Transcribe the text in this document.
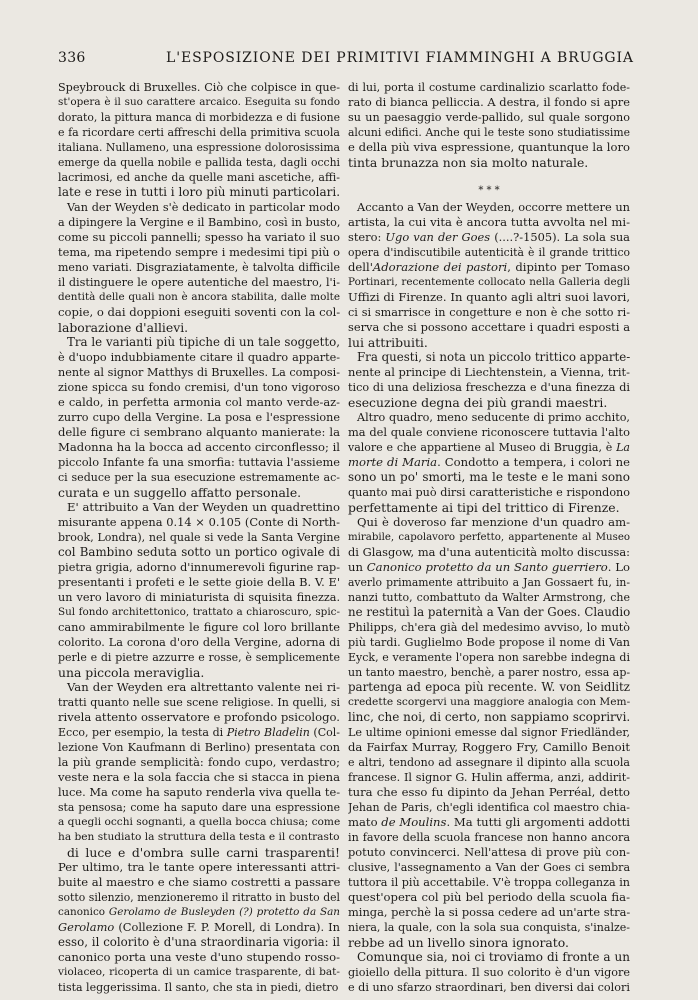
336	L'ESPOSIZIONE DEI PRIMITIVI FIAMMINGHI A BRUGGIA
Speybrouck di Bruxelles. Ciò che colpisce in que-
st'opera è il suo carattere arcaico. Eseguita su fondo
dorato, la pittura manca di morbidezza e di fusione
e fa ricordare certi affreschi della primitiva scuola
italiana. Nullameno, una espressione dolorosissima
emerge da quella nobile e pallida testa, dagli occhi
lacrimosi, ed anche da quelle mani ascetiche, affi-
late e rese in tutti i loro più minuti particolari.
Van der Weyden s'è dedicato in particolar modo
a dipingere la Vergine e il Bambino, così in busto,
come su piccoli pannelli; spesso ha variato il suo
tema, ma ripetendo sempre i medesimi tipi più o
meno variati. Disgraziatamente, è talvolta difficile
il distinguere le opere autentiche del maestro, l'i-
dentità delle quali non è ancora stabilita, dalle molte
copie, o dai doppioni eseguiti soventi con la col-
laborazione d'allievi.
Tra le varianti più tipiche di un tale soggetto,
è d'uopo indubbiamente citare il quadro apparte-
nente al signor Matthys di Bruxelles. La composi-
zione spicca su fondo cremisi, d'un tono vigoroso
e caldo, in perfetta armonia col manto verde-az-
zurro cupo della Vergine. La posa e l'espressione
delle figure ci sembrano alquanto manierate: la
Madonna ha la bocca ad accento circonflesso; il
piccolo Infante fa una smorfia: tuttavia l'assieme
ci seduce per la sua esecuzione estremamente ac-
curata e un suggello affatto personale.
E' attribuito a Van der Weyden un quadrettino
misurante appena 0.14 × 0.105 (Conte di North-
brook, Londra), nel quale si vede la Santa Vergine
col Bambino seduta sotto un portico ogivale di
pietra grigia, adorno d'innumerevoli figurine rap-
presentanti i profeti e le sette gioie della B. V. E'
un vero lavoro di miniaturista di squisita finezza.
Sul fondo architettonico, trattato a chiaroscuro, spic-
cano ammirabilmente le figure col loro brillante
colorito. La corona d'oro della Vergine, adorna di
perle e di pietre azzurre e rosse, è semplicemente
una piccola meraviglia.
Van der Weyden era altrettanto valente nei ri-
tratti quanto nelle sue scene religiose. In quelli, si
rivela attento osservatore e profondo psicologo.
Ecco, per esempio, la testa di Pietro Bladelin (Col-
lezione Von Kaufmann di Berlino) presentata con
la più grande semplicità: fondo cupo, verdastro;
veste nera e la sola faccia che si stacca in piena
luce. Ma come ha saputo renderla viva quella te-
sta pensosa; come ha saputo dare una espressione
a quegli occhi sognanti, a quella bocca chiusa; come
ha ben studiato la struttura della testa e il contrasto
di luce e d'ombra sulle carni trasparenti!
Per ultimo, tra le tante opere interessanti attri-
buite al maestro e che siamo costretti a passare
sotto silenzio, menzioneremo il ritratto in busto del
canonico Gerolamo de Busleyden (?) protetto da San
Gerolamo (Collezione F. P. Morell, di Londra). In
esso, il colorito è d'una straordinaria vigoria: il
canonico porta una veste d'uno stupendo rosso-
violaceo, ricoperta di un camice trasparente, di bat-
tista leggerissima. Il santo, che sta in piedi, dietro
di lui, porta il costume cardinalizio scarlatto fode-
rato di bianca pelliccia. A destra, il fondo si apre
su un paesaggio verde-pallido, sul quale sorgono
alcuni edifici. Anche qui le teste sono studiatissime
e della più viva espressione, quantunque la loro
tinta brunazza non sia molto naturale.
* * *
Accanto a Van der Weyden, occorre mettere un
artista, la cui vita è ancora tutta avvolta nel mi-
stero: Ugo van der Goes (....?-1505). La sola sua
opera d'indiscutibile autenticità è il grande trittico
dell'Adorazione dei pastori, dipinto per Tomaso
Portinari, recentemente collocato nella Galleria degli
Uffizi di Firenze. In quanto agli altri suoi lavori,
ci si smarrisce in congetture e non è che sotto ri-
serva che si possono accettare i quadri esposti a
lui attribuiti.
Fra questi, si nota un piccolo trittico apparte-
nente al principe di Liechtenstein, a Vienna, trit-
tico di una deliziosa freschezza e d'una finezza di
esecuzione degna dei più grandi maestri.
Altro quadro, meno seducente di primo acchito,
ma del quale conviene riconoscere tuttavia l'alto
valore e che appartiene al Museo di Bruggia, è La
morte di Maria. Condotto a tempera, i colori ne
sono un po' smorti, ma le teste e le mani sono
quanto mai può dirsi caratteristiche e rispondono
perfettamente ai tipi del trittico di Firenze.
Qui è doveroso far menzione d'un quadro am-
mirabile, capolavoro perfetto, appartenente al Museo
di Glasgow, ma d'una autenticità molto discussa:
un Canonico protetto da un Santo guerriero. Lo
averlo primamente attribuito a Jan Gossaert fu, in-
nanzi tutto, combattuto da Walter Armstrong, che
ne restituì la paternità a Van der Goes. Claudio
Philipps, ch'era già del medesimo avviso, lo mutò
più tardi. Guglielmo Bode propose il nome di Van
Eyck, e veramente l'opera non sarebbe indegna di
un tanto maestro, benchè, a parer nostro, essa ap-
partenga ad epoca più recente. W. von Seidlitz
credette scorgervi una maggiore analogia con Mem-
linc, che noi, di certo, non sappiamo scoprirvi.
Le ultime opinioni emesse dal signor Friedländer,
da Fairfax Murray, Roggero Fry, Camillo Benoit
e altri, tendono ad assegnare il dipinto alla scuola
francese. Il signor G. Hulin afferma, anzi, addirit-
tura che esso fu dipinto da Jehan Perréal, detto
Jehan de Paris, ch'egli identifica col maestro chia-
mato de Moulins. Ma tutti gli argomenti addotti
in favore della scuola francese non hanno ancora
potuto convincerci. Nell'attesa di prove più con-
clusive, l'assegnamento a Van der Goes ci sembra
tuttora il più accettabile. V'è troppa colleganza in
quest'opera col più bel periodo della scuola fia-
minga, perchè la si possa cedere ad un'arte stra-
niera, la quale, con la sola sua conquista, s'inalze-
rebbe ad un livello sinora ignorato.
Comunque sia, noi ci troviamo di fronte a un
gioiello della pittura. Il suo colorito è d'un vigore
e di uno sfarzo straordinari, ben diversi dai colori
